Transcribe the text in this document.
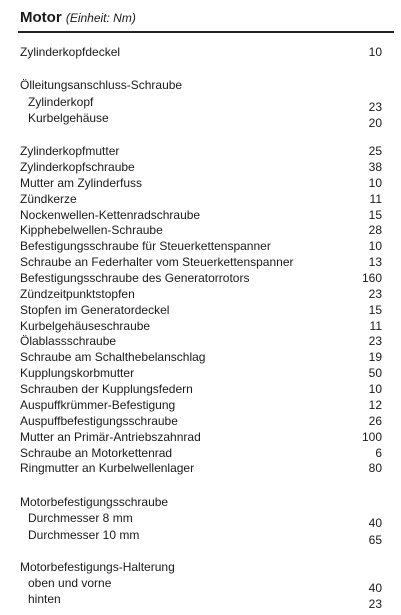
Motor (Einheit: Nm)
Zylinderkopfdeckel	10
Ölleitungsanschluss-Schraube
Zylinderkopf	23
Kurbelgehäuse	20
Zylinderkopfmutter	25
Zylinderkopfschraube	38
Mutter am Zylinderfuss	10
Zündkerze	11
Nockenwellen-Kettenradschraube	15
Kipphebelwellen-Schraube	28
Befestigungsschraube für Steuerkettenspanner	10
Schraube an Federhalter vom Steuerkettenspanner	13
Befestigungsschraube des Generatorrotors	160
Zündzeitpunktstopfen	23
Stopfen im Generatordeckel	15
Kurbelgehäuseschraube	11
Ölablassschraube	23
Schraube am Schalthebelanschlag	19
Kupplungskorbmutter	50
Schrauben der Kupplungsfedern	10
Auspuffkrümmer-Befestigung	12
Auspuffbefestigungsschraube	26
Mutter an Primär-Antriebszahnrad	100
Schraube an Motorkettenrad	6
Ringmutter an Kurbelwellenlager	80
Motorbefestigungsschraube
Durchmesser 8 mm	40
Durchmesser 10 mm	65
Motorbefestigungs-Halterung
oben und vorne	40
hinten	23
